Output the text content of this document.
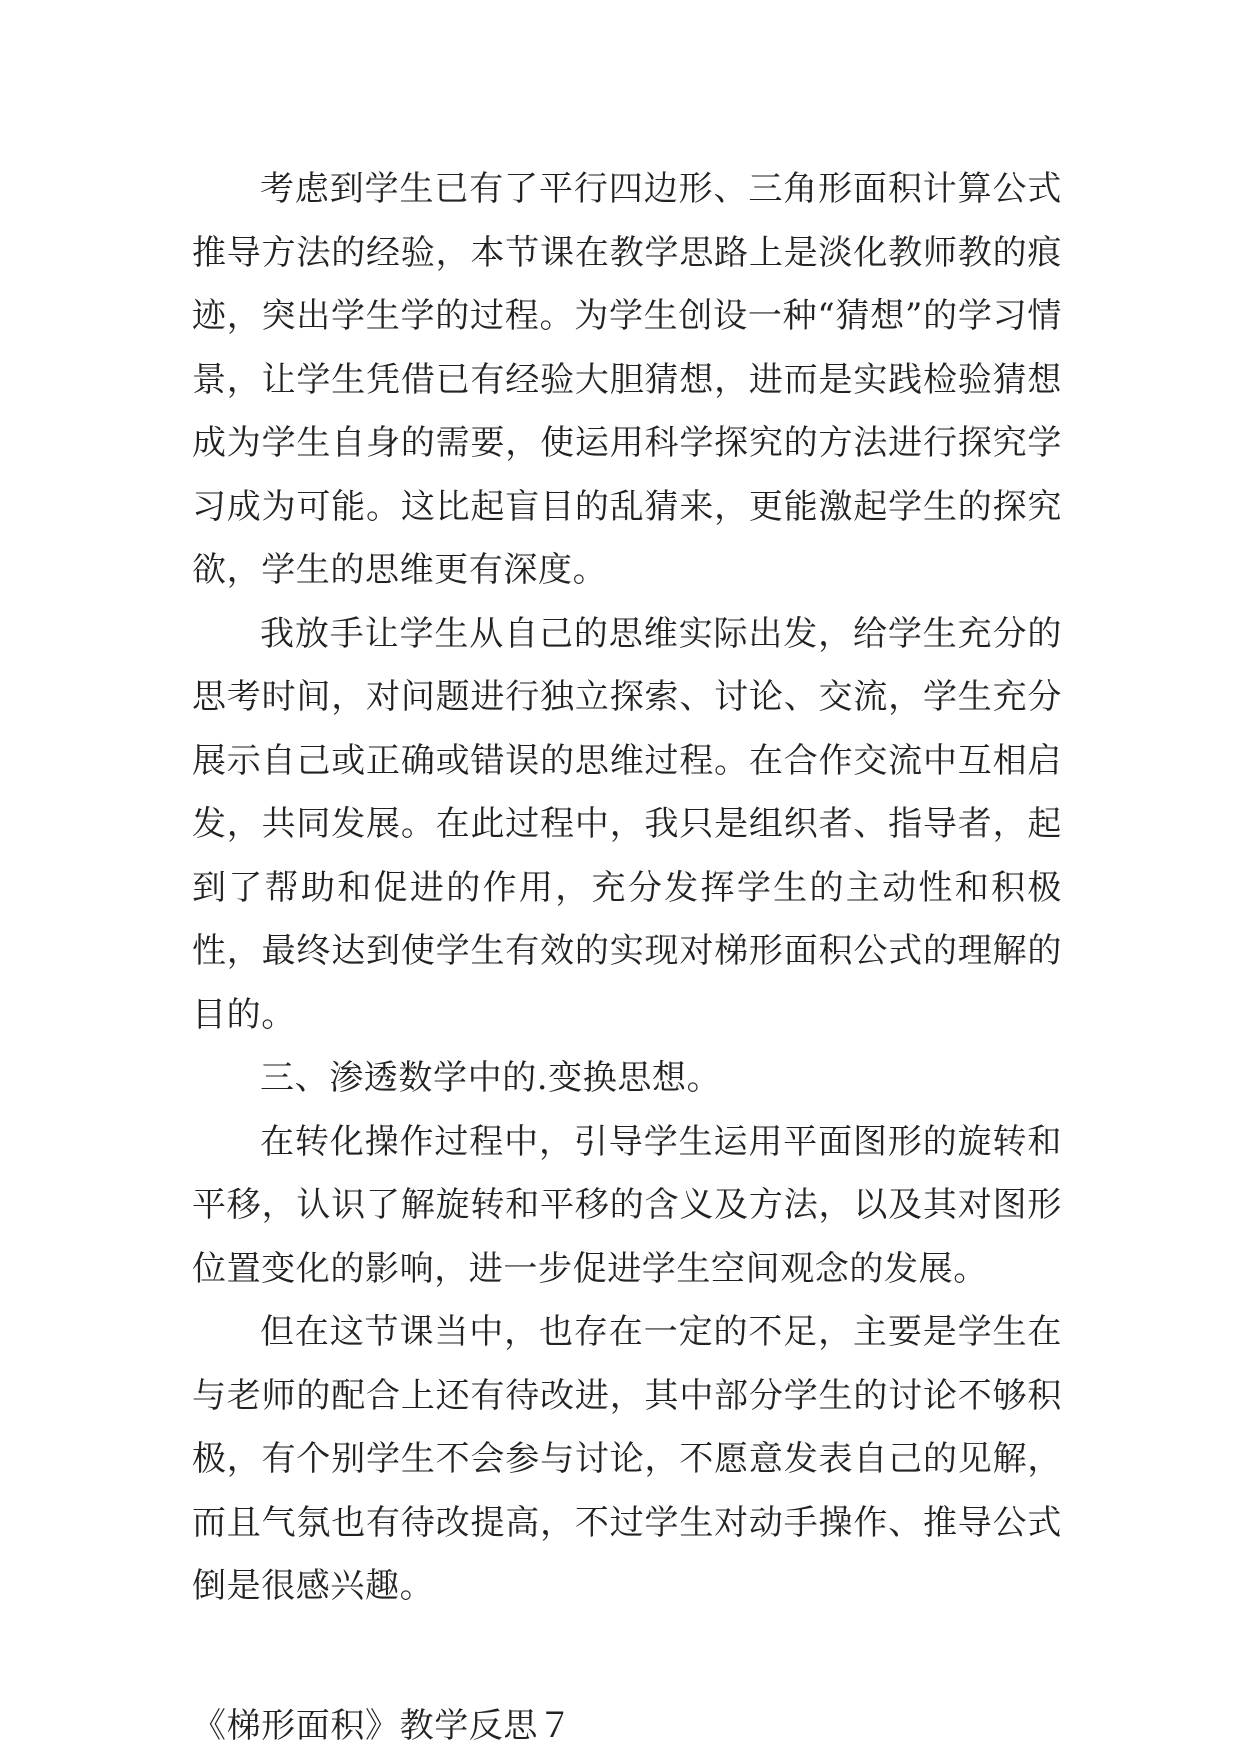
考虑到学生已有了平行四边形、三角形面积计算公式推导方法的经验，本节课在教学思路上是淡化教师教的痕迹，突出学生学的过程。为学生创设一种“猜想”的学习情景，让学生凭借已有经验大胆猜想，进而是实践检验猜想成为学生自身的需要，使运用科学探究的方法进行探究学习成为可能。这比起盲目的乱猜来，更能激起学生的探究欲，学生的思维更有深度。

我放手让学生从自己的思维实际出发，给学生充分的思考时间，对问题进行独立探索、讨论、交流，学生充分展示自己或正确或错误的思维过程。在合作交流中互相启发，共同发展。在此过程中，我只是组织者、指导者，起到了帮助和促进的作用，充分发挥学生的主动性和积极性，最终达到使学生有效的实现对梯形面积公式的理解的目的。

三、渗透数学中的.变换思想。

在转化操作过程中，引导学生运用平面图形的旋转和平移，认识了解旋转和平移的含义及方法，以及其对图形位置变化的影响，进一步促进学生空间观念的发展。

但在这节课当中，也存在一定的不足，主要是学生在与老师的配合上还有待改进，其中部分学生的讨论不够积极，有个别学生不会参与讨论，不愿意发表自己的见解，而且气氛也有待改提高，不过学生对动手操作、推导公式倒是很感兴趣。

《梯形面积》教学反思７
